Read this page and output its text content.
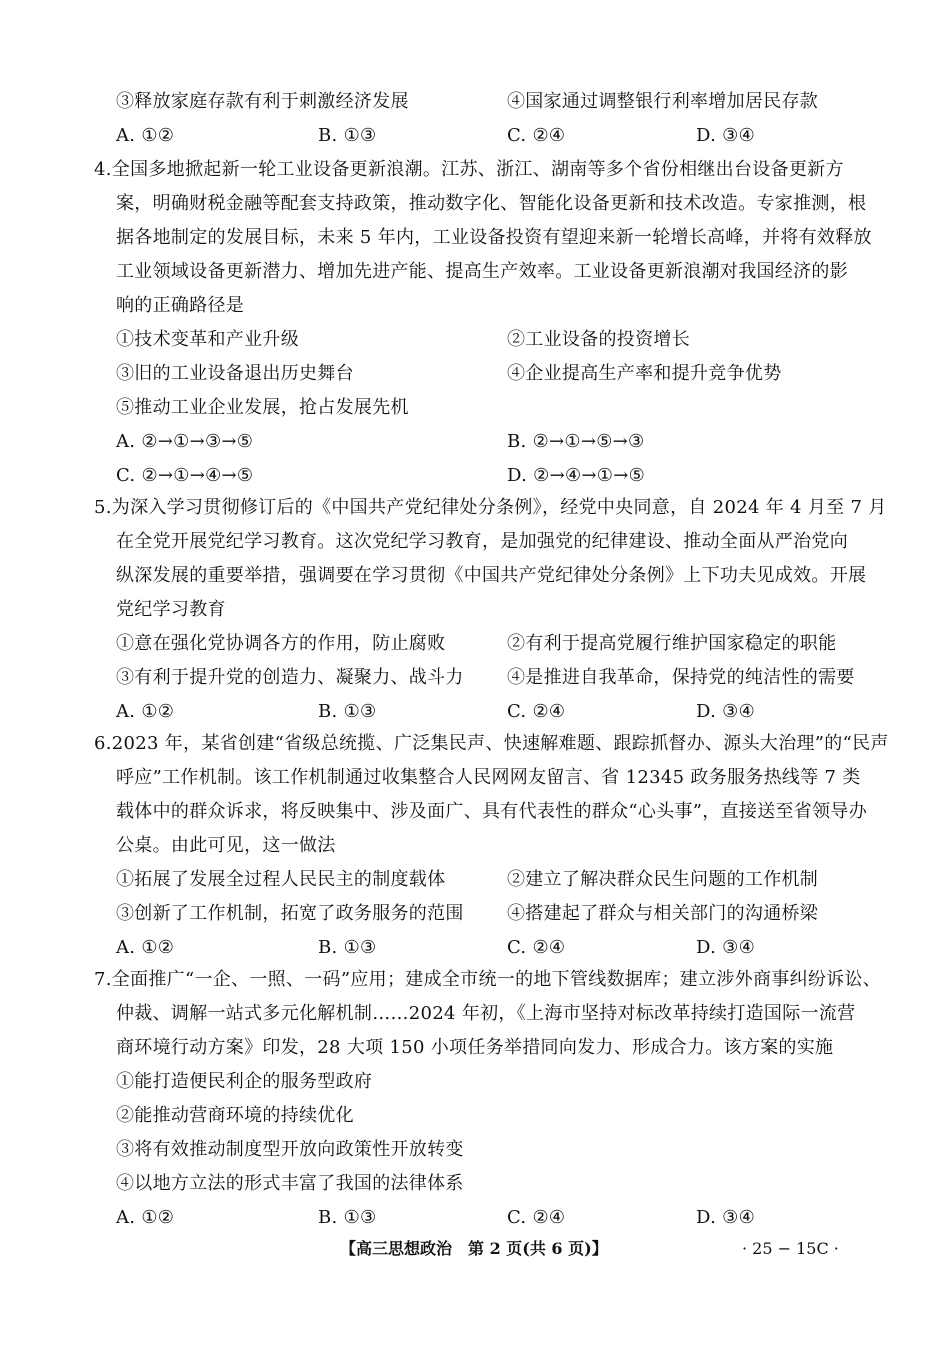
③释放家庭存款有利于刺激经济发展	④国家通过调整银行利率增加居民存款
A. ①②	B. ①③	C. ②④	D. ③④
4.全国多地掀起新一轮工业设备更新浪潮。江苏、浙江、湖南等多个省份相继出台设备更新方
案，明确财税金融等配套支持政策，推动数字化、智能化设备更新和技术改造。专家推测，根
据各地制定的发展目标，未来 5 年内，工业设备投资有望迎来新一轮增长高峰，并将有效释放
工业领域设备更新潜力、增加先进产能、提高生产效率。工业设备更新浪潮对我国经济的影
响的正确路径是
①技术变革和产业升级	②工业设备的投资增长
③旧的工业设备退出历史舞台	④企业提高生产率和提升竞争优势
⑤推动工业企业发展，抢占发展先机
A. ②→①→③→⑤	B. ②→①→⑤→③
C. ②→①→④→⑤	D. ②→④→①→⑤
5.为深入学习贯彻修订后的《中国共产党纪律处分条例》，经党中央同意，自 2024 年 4 月至 7 月
在全党开展党纪学习教育。这次党纪学习教育，是加强党的纪律建设、推动全面从严治党向
纵深发展的重要举措，强调要在学习贯彻《中国共产党纪律处分条例》上下功夫见成效。开展
党纪学习教育
①意在强化党协调各方的作用，防止腐败	②有利于提高党履行维护国家稳定的职能
③有利于提升党的创造力、凝聚力、战斗力 ④是推进自我革命，保持党的纯洁性的需要
A. ①②	B. ①③	C. ②④	D. ③④
6.2023 年，某省创建“省级总统揽、广泛集民声、快速解难题、跟踪抓督办、源头大治理”的“民声
呼应”工作机制。该工作机制通过收集整合人民网网友留言、省 12345 政务服务热线等 7 类
载体中的群众诉求，将反映集中、涉及面广、具有代表性的群众“心头事”，直接送至省领导办
公桌。由此可见，这一做法
①拓展了发展全过程人民民主的制度载体	②建立了解决群众民生问题的工作机制
③创新了工作机制，拓宽了政务服务的范围 ④搭建起了群众与相关部门的沟通桥梁
A. ①②	B. ①③	C. ②④	D. ③④
7.全面推广“一企、一照、一码”应用；建成全市统一的地下管线数据库；建立涉外商事纠纷诉讼、
仲裁、调解一站式多元化解机制……2024 年初，《上海市坚持对标改革持续打造国际一流营
商环境行动方案》印发，28 大项 150 小项任务举措同向发力、形成合力。该方案的实施
①能打造便民利企的服务型政府
②能推动营商环境的持续优化
③将有效推动制度型开放向政策性开放转变
④以地方立法的形式丰富了我国的法律体系
A. ①②	B. ①③	C. ②④	D. ③④
【高三思想政治　第 2 页(共 6 页)】	· 25 − 15C ·
